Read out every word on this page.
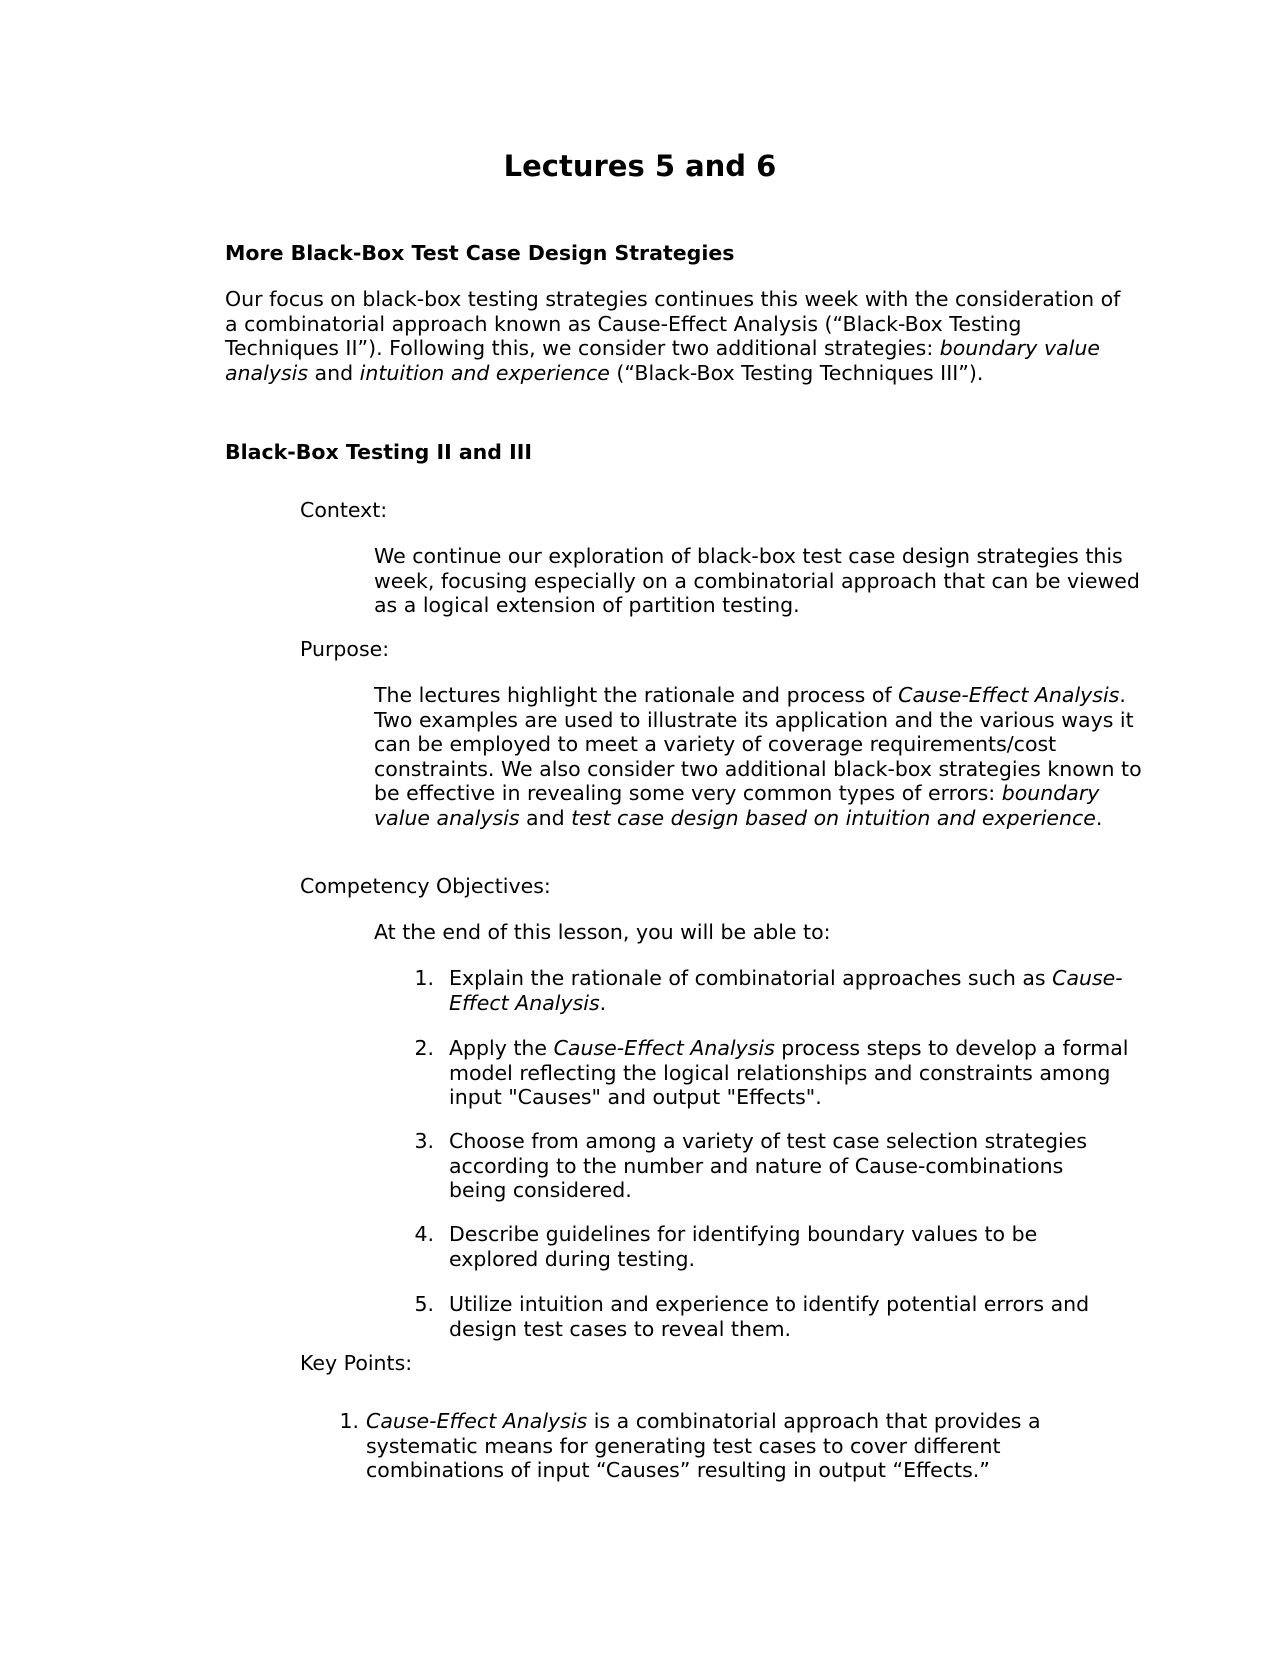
Lectures 5 and 6
More Black-Box Test Case Design Strategies

Our focus on black-box testing strategies continues this week with the consideration of a combinatorial approach known as Cause-Effect Analysis (“Black-Box Testing Techniques II”). Following this, we consider two additional strategies: boundary value analysis and intuition and experience (“Black-Box Testing Techniques III”).

Black-Box Testing II and III
Context:

We continue our exploration of black-box test case design strategies this week, focusing especially on a combinatorial approach that can be viewed as a logical extension of partition testing.

Purpose:

The lectures highlight the rationale and process of Cause-Effect Analysis. Two examples are used to illustrate its application and the various ways it can be employed to meet a variety of coverage requirements/cost constraints. We also consider two additional black-box strategies known to be effective in revealing some very common types of errors: boundary value analysis and test case design based on intuition and experience.

Competency Objectives:

At the end of this lesson, you will be able to:

1. Explain the rationale of combinatorial approaches such as Cause-Effect Analysis.

2. Apply the Cause-Effect Analysis process steps to develop a formal model reflecting the logical relationships and constraints among input "Causes" and output "Effects".

3. Choose from among a variety of test case selection strategies according to the number and nature of Cause-combinations being considered.

4. Describe guidelines for identifying boundary values to be explored during testing.

5. Utilize intuition and experience to identify potential errors and design test cases to reveal them.

Key Points:
1. Cause-Effect Analysis is a combinatorial approach that provides a systematic means for generating test cases to cover different combinations of input “Causes” resulting in output “Effects.”
